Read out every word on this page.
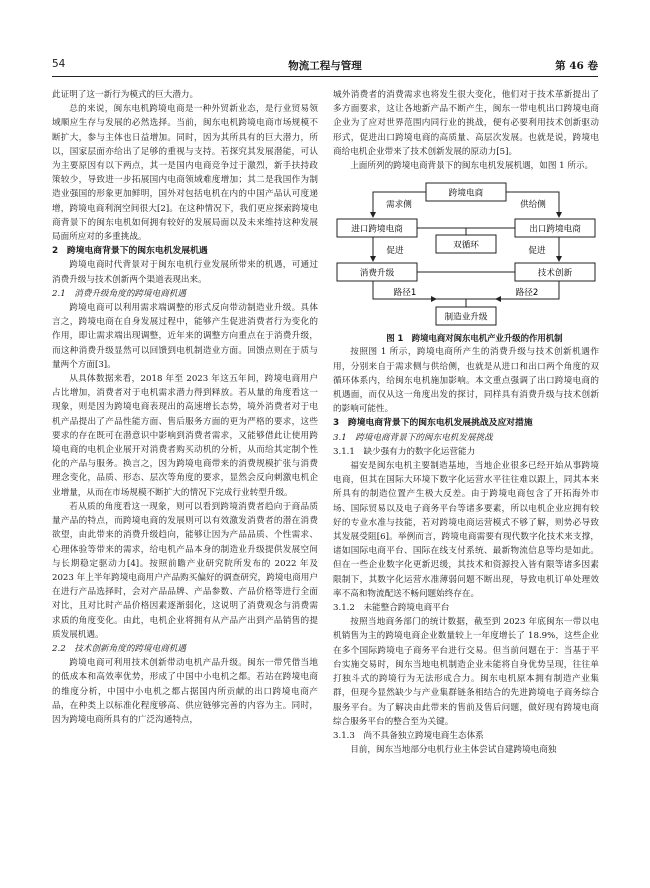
54	物流工程与管理	第 46 卷

此证明了这一新行为模式的巨大潜力。

总的来说，闽东电机跨境电商是一种外贸新业态，是行业贸易领域顺应生存与发展的必然选择。当前，闽东电机跨境电商市场规模不断扩大，参与主体也日益增加。同时，因为其所具有的巨大潜力，所以，国家层面亦给出了足够的重视与支持。若探究其发展潜能，可认为主要原因有以下两点，其一是国内电商竞争过于激烈，新手扶持政策较少，导致进一步拓展国内电商领域难度增加；其二是我国作为制造业强国的形象更加鲜明，国外对包括电机在内的中国产品认可度递增，跨境电商利润空间很大[2]。在这种情况下，我们更应探索跨境电商背景下的闽东电机如何拥有较好的发展局面以及未来维持这种发展局面所应对的多重挑战。

2　跨境电商背景下的闽东电机发展机遇

跨境电商时代背景对于闽东电机行业发展所带来的机遇，可通过消费升级与技术创新两个渠道表现出来。

2.1　消费升级角度的跨境电商机遇

跨境电商可以利用需求端调整的形式反向带动制造业升级。具体言之，跨境电商在自身发展过程中，能够产生促进消费者行为变化的作用，即让需求端出现调整，近年来的调整方向重点在于消费升级，而这种消费升级显然可以回馈到电机制造业方面。回馈点则在于质与量两个方面[3]。

从具体数据来看，2018 年至 2023 年这五年间，跨境电商用户占比增加，消费者对于电机需求潜力得到释放。若从量的角度看这一现象，则是因为跨境电商表现出的高速增长态势，境外消费者对于电机产品提出了产品性能方面、售后服务方面的更为严格的要求，这些要求的存在既可在潜意识中影响到消费者需求，又能够借此让使用跨境电商的电机企业展开对消费者购买动机的分析，从而给其定制个性化的产品与服务。换言之，因为跨境电商带来的消费规模扩张与消费理念变化，品质、形态、层次等角度的要求，显然会反向刺激电机企业增量，从而在市场规模不断扩大的情况下完成行业转型升级。

若从质的角度看这一现象，则可以看到跨境消费者趋向于商品质量产品的特点，而跨境电商的发展则可以有效激发消费者的潜在消费欲望，由此带来的消费升级趋向，能够让因为产品品质、个性需求、心理体验等带来的需求，给电机产品本身的制造业升级提供发展空间与长期稳定驱动力[4]。按照前瞻产业研究院所发布的 2022 年及 2023 年上半年跨境电商用户产品购买偏好的调查研究，跨境电商用户在进行产品选择时，会对产品品牌、产品参数、产品价格等进行全面对比，且对比时产品价格因素逐渐弱化，这说明了消费观念与消费需求质的角度变化。由此，电机企业将拥有从产品产出到产品销售的提质发展机遇。

2.2　技术创新角度的跨境电商机遇

跨境电商可利用技术创新带动电机产品升级。闽东一带凭借当地的低成本和高效率优势，形成了中国中小电机之都。若站在跨境电商的维度分析，中国中小电机之都占据国内所贡献的出口跨境电商产品，在种类上以标准化程度够高、供应链够完善的内容为主。同时，因为跨境电商所具有的广泛沟通特点，

城外消费者的消费需求也将发生很大变化，他们对于技术革新提出了多方面要求，这让各地新产品不断产生，闽东一带电机出口跨境电商企业为了应对世界范围内同行业的挑战，便有必要利用技术创新驱动形式，促进出口跨境电商的高质量、高层次发展。也就是说，跨境电商给电机企业带来了技术创新发展的原动力[5]。

上面所列的跨境电商背景下的闽东电机发展机遇，如图 1 所示。

跨境电商
需求侧	供给侧
进口跨境电商	出口跨境电商
双循环
促进	促进
消费升级	技术创新
路径1	路径2
制造业升级

图 1　跨境电商对闽东电机产业升级的作用机制

按照图 1 所示，跨境电商所产生的消费升级与技术创新机遇作用，分别来自于需求侧与供给侧，也就是从进口和出口两个角度的双循环体系内，给闽东电机施加影响。本文重点强调了出口跨境电商的机遇面，而仅从这一角度出发的探讨，同样具有消费升级与技术创新的影响可能性。

3　跨境电商背景下的闽东电机发展挑战及应对措施
3.1　跨境电商背景下的闽东电机发展挑战
3.1.1　缺少强有力的数字化运营能力

福安是闽东电机主要制造基地，当地企业很多已经开始从事跨境电商，但其在国际大环境下数字化运营水平往往难以跟上，同其本来所具有的制造位置产生极大反差。由于跨境电商包含了开拓海外市场、国际贸易以及电子商务平台等诸多要素，所以电机企业应拥有较好的专业水准与技能，若对跨境电商运营模式不够了解，则势必导致其发展受阻[6]。举例而言，跨境电商需要有现代数字化技术来支撑，诸如国际电商平台、国际在线支付系统、最新物流信息等均是如此。但在一些企业数字化更新迟缓，其技术和资源投入皆有限等诸多因素限制下，其数字化运营水准薄弱问题不断出现，导致电机订单处理效率不高和物流配送不畅问题始终存在。

3.1.2　未能整合跨境电商平台

按照当地商务部门的统计数据，截至到 2023 年底闽东一带以电机销售为主的跨境电商企业数量较上一年度增长了 18.9%，这些企业在多个国际跨境电子商务平台进行交易。但当前问题在于：当基于平台实施交易时，闽东当地电机制造企业未能将自身优势呈现，往往单打独斗式的跨境行为无法形成合力。闽东电机原本拥有制造产业集群，但现今显然缺少与产业集群链条相结合的先进跨境电子商务综合服务平台。为了解决由此带来的售前及售后问题，做好现有跨境电商综合服务平台的整合至为关键。

3.1.3　尚不具备独立跨境电商生态体系

目前，闽东当地部分电机行业主体尝试自建跨境电商独
